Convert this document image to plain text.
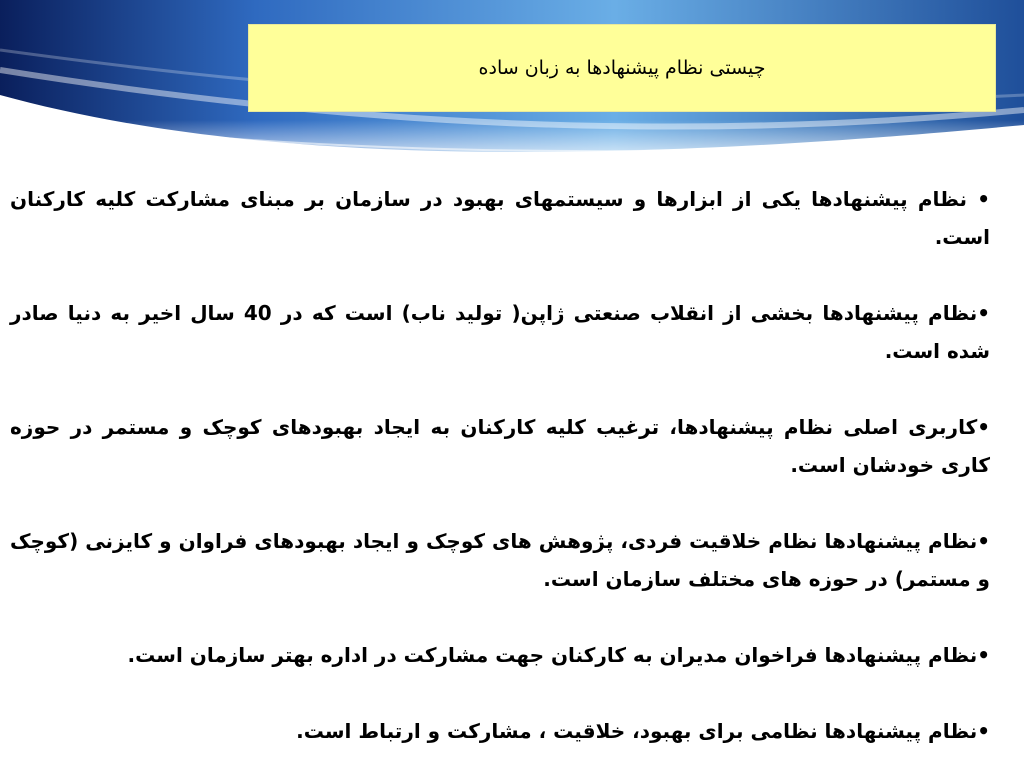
چیستی نظام پیشنهادها به زبان ساده

• نظام پیشنهادها یکی از ابزارها و سیستمهای بهبود در سازمان بر مبنای مشارکت کلیه کارکنان است.

•نظام پیشنهادها بخشی از انقلاب صنعتی ژاپن( تولید ناب) است که در 40 سال اخیر به دنیا صادر شده است.

•کاربری اصلی نظام پیشنهادها، ترغیب کلیه کارکنان به ایجاد بهبودهای کوچک و مستمر در حوزه کاری خودشان است.

•نظام پیشنهادها نظام خلاقیت فردی، پژوهش های کوچک و ایجاد بهبودهای فراوان و کایزنی (کوچک و مستمر) در حوزه های مختلف سازمان است.

•نظام پیشنهادها فراخوان مدیران به کارکنان جهت مشارکت در اداره بهتر سازمان است.

•نظام پیشنهادها نظامی برای بهبود، خلاقیت ، مشارکت و ارتباط است.
